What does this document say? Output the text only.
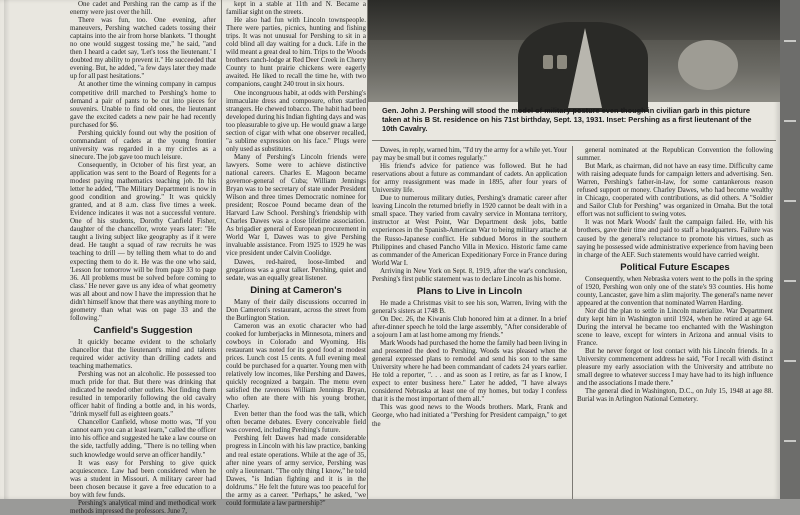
One cadet and Pershing ran the camp as if the enemy were just over the hill.

There was fun, too. One evening, after maneuvers, Pershing watched cadets tossing their captains into the air from horse blankets. "I thought no one would suggest tossing me," he said, "and then I heard a cadet say, 'Let's toss the lieutenant.' I doubted my ability to prevent it." He succeeded that evening. But, he added, "a few days later they made up for all past hesitations."

At another time the winning company in campus competitive drill marched to Pershing's home to demand a pair of pants to be cut into pieces for souvenirs. Unable to find old ones, the lieutenant gave the excited cadets a new pair he had recently purchased for $6.

Pershing quickly found out why the position of commandant of cadets at the young frontier university was regarded in a my circles as a sinecure. The job gave too much leisure.

Consequently, in October of his first year, an application was sent to the Board of Regents for a modest paying mathematics teaching job. In his letter he added, "The Military Department is now in good condition and growing." It was quickly granted, and at 8 a.m. class five times a week. Evidence indicates it was not a successful venture. One of his students, Dorothy Canfield Fisher, daughter of the chancellor, wrote years later: "He taught a living subject like geography as if it were dead. He taught a squad of raw recruits he was teaching to drill — by telling them what to do and expecting them to do it. He was the one who said, 'Lesson for tomorrow will be from page 33 to page 36. All problems must be solved before coming to class.' He never gave us any idea of what geometry was all about and now I have the impression that he didn't himself know that there was anything more to geometry than what was on page 33 and the following."

Canfield's Suggestion

It quickly became evident to the scholarly chancellor that the lieutenant's mind and talents required wider activity than drilling cadets and teaching mathematics.

Pershing was not an alcoholic. He possessed too much pride for that. But there was drinking that indicated he needed other outlets. Not finding them resulted in temporarily following the old cavalry officer habit of finding a bottle and, in his words, "drink myself full as eighteen goats."

Chancellor Canfield, whose motto was, "If you cannot earn you can at least learn," called the officer into his office and suggested he take a law course on the side, tactfully adding, "There is no telling when such knowledge would serve an officer handily."

It was easy for Pershing to give quick acquiescence. Law had been considered when he was a student in Missouri. A military career had been chosen because it gave a free education to a boy with few funds.

Pershing's analytical mind and methodical work methods impressed the professors. June 7,

kept in a stable at 11th and N. Became a familiar sight on the streets.

He also had fun with Lincoln townspeople. There were parties, picnics, hunting and fishing trips. It was not unusual for Pershing to sit in a cold blind all day waiting for a duck. Life in the wild meant a great deal to him. Trips to the Woods brothers ranch-lodge at Red Deer Creek in Cherry County to hunt prairie chickens were eagerly awaited. He liked to recall the time he, with two companions, caught 240 trout in six hours.

One incongruous habit, at odds with Pershing's immaculate dress and composure, often startled strangers. He chewed tobacco. The habit had been developed during his Indian fighting days and was too pleasurable to give up. He would gnaw a large section of cigar with what one observer recalled, "a sublime expression on his face." Plugs were only used as substitutes.

Many of Pershing's Lincoln friends were lawyers. Some were to achieve distinctive national careers. Charles E. Magoon became governor-general of Cuba; William Jennings Bryan was to be secretary of state under President Wilson and three times Democratic nominee for president; Roscoe Pound became dean of the Harvard Law School. Pershing's friendship with Charles Dawes was a close lifetime association. As brigadier general of European procurement in World War I, Dawes was to give Pershing invaluable assistance. From 1925 to 1929 he was vice president under Calvin Coolidge.

Dawes, red-haired, loose-limbed and gregarious was a great talker. Pershing, quiet and sedate, was an equally great listener.

Dining at Cameron's

Many of their daily discussions occurred in Don Cameron's restaurant, across the street from the Burlington Station.

Cameron was an exotic character who had cooked for lumberjacks in Minnesota, miners and cowboys in Colorado and Wyoming. His restaurant was noted for its good food at modest prices. Lunch cost 15 cents. A full evening meal could be purchased for a quarter. Young men with relatively low incomes, like Pershing and Dawes, quickly recognized a bargain. The menu even satisfied the ravenous William Jennings Bryan, who often ate there with his young brother, Charley.

Even better than the food was the talk, which often became debates. Every conceivable field was covered, including Pershing's future.

Pershing felt Dawes had made considerable progress in Lincoln with his law practice, banking and real estate operations. While at the age of 35, after nine years of army service, Pershing was only a lieutenant. "The only thing I know," he told Dawes, "is Indian fighting and it is in the doldrums." He felt the future was too peaceful for the army as a career. "Perhaps," he asked, "we could formulate a law partnership?"

Gen. John J. Pershing will stood the model of military posture even though in civilian garb in this picture taken at his B St. residence on his 71st birthday, Sept. 13, 1931. Inset: Pershing as a first lieutenant of the 10th Cavalry.

Dawes, in reply, warned him, "I'd try the army for a while yet. Your pay may be small but it comes regularly."

His friend's advice for patience was followed. But he had reservations about a future as commandant of cadets. An application for army reassignment was made in 1895, after four years of University life.

Due to numerous military duties, Pershing's dramatic career after leaving Lincoln the returned briefly in 1920 cannot be dealt with in a small space. They varied from cavalry service in Montana territory, instructor at West Point, War Department desk jobs, battle experiences in the Spanish-American War to being military attache at the Russo-Japanese conflict. He subdued Moros in the southern Philippines and chased Pancho Villa in Mexico. Historic fame came as commander of the American Expeditionary Force in France during World War I.

Arriving in New York on Sept. 8, 1919, after the war's conclusion, Pershing's first public statement was to declare Lincoln as his home.

Plans to Live in Lincoln

He made a Christmas visit to see his son, Warren, living with the general's sisters at 1748 B.

On Dec. 26, the Kiwanis Club honored him at a dinner. In a brief after-dinner speech he told the large assembly, "After considerable of a sojourn I am at last home among my friends."

Mark Woods had purchased the home the family had been living in and presented the deed to Pershing. Woods was pleased when the general expressed plans to remodel and send his son to the same University where he had been commandant of cadets 24 years earlier. He told a reporter, ". . . and as soon as I retire, as far as I know, I expect to enter business here." Later he added, "I have always considered Nebraska at least one of my homes, but today I confess that it is the most important of them all."

This was good news to the Woods brothers. Mark, Frank and George, who had initiated a "Pershing for President campaign," to get the

general nominated at the Republican Convention the following summer.

But Mark, as chairman, did not have an easy time. Difficulty came with raising adequate funds for campaign letters and advertising. Sen. Warren, Pershing's father-in-law, for some cantankerous reason refused support or money. Charley Dawes, who had become wealthy in Chicago, cooperated with contributions, as did others. A "Soldier and Sailor Club for Pershing" was organized in Omaha. But the total effort was not sufficient to swing votes.

It was not Mark Woods' fault the campaign failed. He, with his brothers, gave their time and paid to staff a headquarters. Failure was caused by the general's reluctance to promote his virtues, such as saying he possessed wide administrative experience from having been in charge of the AEF. Such statements would have carried weight.

Political Future Escapes

Consequently, when Nebraska voters went to the polls in the spring of 1920, Pershing won only one of the state's 93 counties. His home county, Lancaster, gave him a slim majority. The general's name never appeared at the convention that nominated Warren Harding.

Nor did the plan to settle in Lincoln materialize. War Department duty kept him in Washington until 1924, when he retired at age 64. During the interval he became too enchanted with the Washington scene to leave, except for winters in Arizona and annual visits to France.

But he never forgot or lost contact with his Lincoln friends. In a University commencement address he said, "For I recall with distinct pleasure my early association with the University and attribute no small degree to whatever success I may have had to its high influence and the associations I made there."

The general died in Washington, D.C., on July 15, 1948 at age 88. Burial was in Arlington National Cemetery.
